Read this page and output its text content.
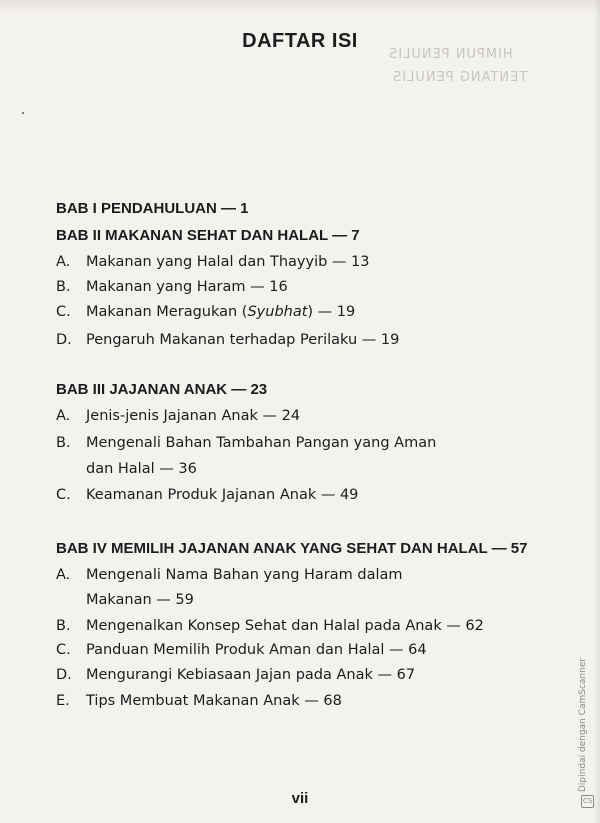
HIMPUN PENULIS
TENTANG PENULIS
DAFTAR ISI
BAB I PENDAHULUAN — 1
BAB II MAKANAN SEHAT DAN HALAL — 7
A. Makanan yang Halal dan Thayyib — 13
B. Makanan yang Haram — 16
C. Makanan Meragukan (Syubhat) — 19
D. Pengaruh Makanan terhadap Perilaku — 19
BAB III JAJANAN ANAK — 23
A. Jenis-jenis Jajanan Anak — 24
B. Mengenali Bahan Tambahan Pangan yang Aman
dan Halal — 36
C. Keamanan Produk Jajanan Anak — 49
BAB IV MEMILIH JAJANAN ANAK YANG SEHAT DAN HALAL — 57
A. Mengenali Nama Bahan yang Haram dalam
Makanan — 59
B. Mengenalkan Konsep Sehat dan Halal pada Anak — 62
C. Panduan Memilih Produk Aman dan Halal — 64
D. Mengurangi Kebiasaan Jajan pada Anak — 67
E. Tips Membuat Makanan Anak — 68
vii	CS
Dipindai dengan CamScanner
